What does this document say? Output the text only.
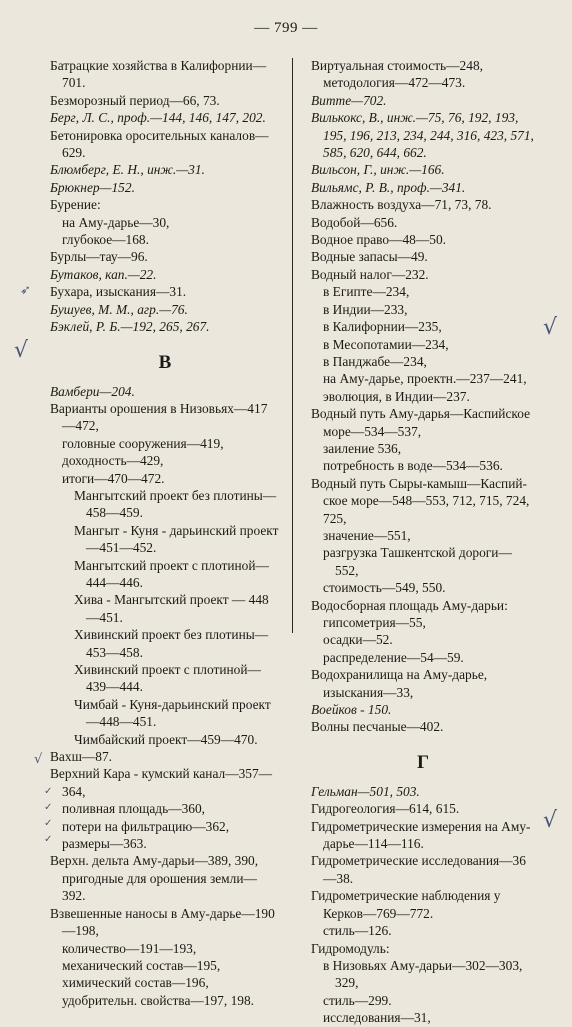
— 799 —
Батрацкие хозяйства в Калифорнии—701.
Безморозный период—66, 73.
Берг, Л. С., проф.—144, 146, 147, 202.
Бетонировка оросительных каналов—629.
Блюмберг, Е. Н., инж.—31.
Брюкнер—152.
Бурение:
на Аму-дарье—30,
глубокое—168.
Бурлы—тау—96.
Бутаков, кап.—22.
Бухара, изыскания—31.
Бушуев, М. М., агр.—76.
Бэклей, Р. Б.—192, 265, 267.
В
Вамбери—204.
Варианты орошения в Низовьях—417—472,
головные сооружения—419,
доходность—429,
итоги—470—472.
Мангытский проект без плотины—458—459.
Мангыт - Куня - дарьинский проект—451—452.
Мангытский проект с плотиной—444—446.
Хива - Мангытский проект — 448—451.
Хивинский проект без плотины—453—458.
Хивинский проект с плотиной—439—444.
Чимбай - Куня-дарьинский проект—448—451.
Чимбайский проект—459—470.
Вахш—87.
Верхний Кара - кумский канал—357—364,
поливная площадь—360,
потери на фильтрацию—362,
размеры—363.
Верхн. дельта Аму-дарьи—389, 390, пригодные для орошения земли—392.
Взвешенные наносы в Аму-дарье—190—198,
количество—191—193,
механический состав—195,
химический состав—196,
удобрительн. свойства—197, 198.
Виртуальная стоимость—248, методология—472—473.
Витте—702.
Вилькокс, В., инж.—75, 76, 192, 193, 195, 196, 213, 234, 244, 316, 423, 571, 585, 620, 644, 662.
Вильсон, Г., инж.—166.
Вильямс, Р. В., проф.—341.
Влажность воздуха—71, 73, 78.
Водобой—656.
Водное право—48—50.
Водные запасы—49.
Водный налог—232.
в Египте—234,
в Индии—233,
в Калифорнии—235,
в Месопотамии—234,
в Панджабе—234,
на Аму-дарье, проектн.—237—241,
эволюция, в Индии—237.
Водный путь Аму-дарья—Каспийское море—534—537,
заиление 536,
потребность в воде—534—536.
Водный путь Сыры-камыш—Каспийское море—548—553, 712, 715, 724, 725,
значение—551,
разгрузка Ташкентской дороги—552,
стоимость—549, 550.
Водосборная площадь Аму-дарьи:
гипсометрия—55,
осадки—52.
распределение—54—59.
Водохранилища на Аму-дарье, изыскания—33,
Воейков - 150.
Волны песчаные—402.
Г
Гельман—501, 503.
Гидрогеология—614, 615.
Гидрометрические измерения на Аму-дарье—114—116.
Гидрометрические исследования—36—38.
Гидрометрические наблюдения у Керков—769—772.
стиль—126.
Гидромодуль:
в Низовьях Аму-дарьи—302—303, 329,
стиль—299.
исследования—31,
➶
√
√
✓
✓
✓
✓
√
√
